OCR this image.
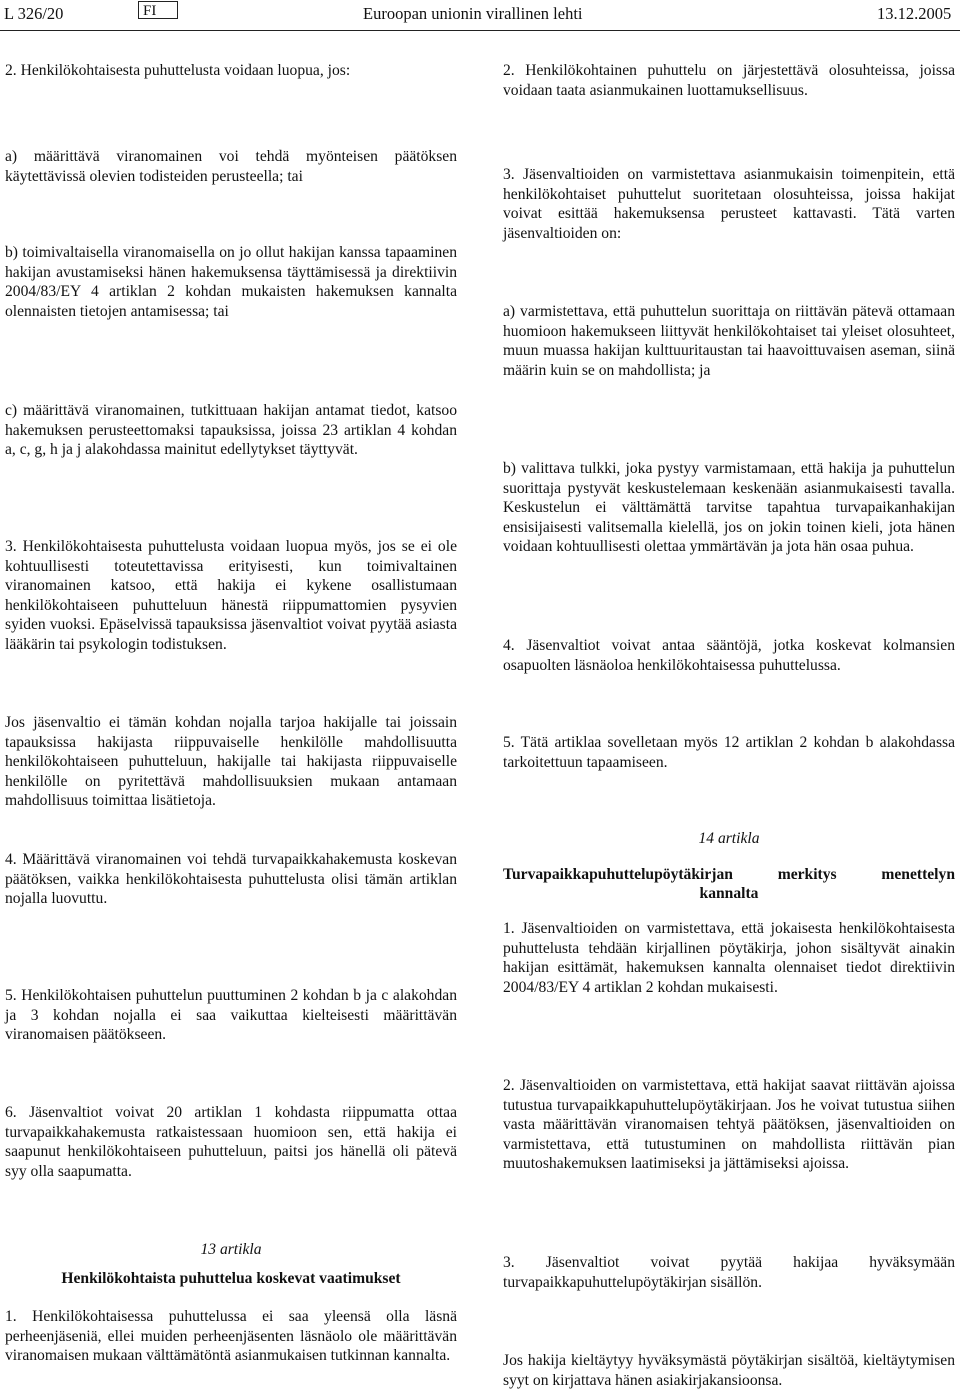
L 326/20	FI	Euroopan unionin virallinen lehti	13.12.2005

2. Henkilökohtaisesta puhuttelusta voidaan luopua, jos:

a) määrittävä viranomainen voi tehdä myönteisen päätöksen käytettävissä olevien todisteiden perusteella; tai

b) toimivaltaisella viranomaisella on jo ollut hakijan kanssa tapaaminen hakijan avustamiseksi hänen hakemuksensa täyttämisessä ja direktiivin 2004/83/EY 4 artiklan 2 kohdan mukaisten hakemuksen kannalta olennaisten tietojen antamisessa; tai

c) määrittävä viranomainen, tutkittuaan hakijan antamat tiedot, katsoo hakemuksen perusteettomaksi tapauksissa, joissa 23 artiklan 4 kohdan a, c, g, h ja j alakohdassa mainitut edellytykset täyttyvät.

3. Henkilökohtaisesta puhuttelusta voidaan luopua myös, jos se ei ole kohtuullisesti toteutettavissa erityisesti, kun toimivaltainen viranomainen katsoo, että hakija ei kykene osallistumaan henkilökohtaiseen puhutteluun hänestä riippumattomien pysyvien syiden vuoksi. Epäselvissä tapauksissa jäsenvaltiot voivat pyytää asiasta lääkärin tai psykologin todistuksen.

Jos jäsenvaltio ei tämän kohdan nojalla tarjoa hakijalle tai joissain tapauksissa hakijasta riippuvaiselle henkilölle mahdollisuutta henkilökohtaiseen puhutteluun, hakijalle tai hakijasta riippuvaiselle henkilölle on pyritettävä mahdollisuuksien mukaan antamaan mahdollisuus toimittaa lisätietoja.

4. Määrittävä viranomainen voi tehdä turvapaikkahakemusta koskevan päätöksen, vaikka henkilökohtaisesta puhuttelusta olisi tämän artiklan nojalla luovuttu.

5. Henkilökohtaisen puhuttelun puuttuminen 2 kohdan b ja c alakohdan ja 3 kohdan nojalla ei saa vaikuttaa kielteisesti määrittävän viranomaisen päätökseen.

6. Jäsenvaltiot voivat 20 artiklan 1 kohdasta riippumatta ottaa turvapaikkahakemusta ratkaistessaan huomioon sen, että hakija ei saapunut henkilökohtaiseen puhutteluun, paitsi jos hänellä oli pätevä syy olla saapumatta.

13 artikla

Henkilökohtaista puhuttelua koskevat vaatimukset

1. Henkilökohtaisessa puhuttelussa ei saa yleensä olla läsnä perheenjäseniä, elleі muiden perheenjäsenten läsnäolo ole määrittävän viranomaisen mukaan välttämätöntä asianmukaisen tutkinnan kannalta.

2. Henkilökohtainen puhuttelu on järjestettävä olosuhteissa, joissa voidaan taata asianmukainen luottamuksellisuus.

3. Jäsenvaltioiden on varmistettava asianmukaisin toimenpitein, että henkilökohtaiset puhuttelut suoritetaan olosuhteissa, joissa hakijat voivat esittää hakemuksensa perusteet kattavasti. Tätä varten jäsenvaltioiden on:

a) varmistettava, että puhuttelun suorittaja on riittävän pätevä ottamaan huomioon hakemukseen liittyvät henkilökohtaiset tai yleiset olosuhteet, muun muassa hakijan kulttuuritaustan tai haavoittuvaisen aseman, siinä määrin kuin se on mahdollista; ja

b) valittava tulkki, joka pystyy varmistamaan, että hakija ja puhuttelun suorittaja pystyvät keskustelemaan keskenään asianmukaisesti tavalla. Keskustelun ei välttämättä tarvitse tapahtua turvapaikanhakijan ensisijaisesti valitsemalla kielellä, jos on jokin toinen kieli, jota hänen voidaan kohtuullisesti olettaa ymmärtävän ja jota hän osaa puhua.

4. Jäsenvaltiot voivat antaa sääntöjä, jotka koskevat kolmansien osapuolten läsnäoloa henkilökohtaisessa puhuttelussa.

5. Tätä artiklaa sovelletaan myös 12 artiklan 2 kohdan b alakohdassa tarkoitettuun tapaamiseen.

14 artikla

Turvapaikkapuhuttelupöytäkirjan merkitys menettelyn
kannalta

1. Jäsenvaltioiden on varmistettava, että jokaisesta henkilökohtaisesta puhuttelusta tehdään kirjallinen pöytäkirja, johon sisältyvät ainakin hakijan esittämät, hakemuksen kannalta olennaiset tiedot direktiivin 2004/83/EY 4 artiklan 2 kohdan mukaisesti.

2. Jäsenvaltioiden on varmistettava, että hakijat saavat riittävän ajoissa tutustua turvapaikkapuhuttelupöytäkirjaan. Jos he voivat tutustua siihen vasta määrittävän viranomaisen tehtyä päätöksen, jäsenvaltioiden on varmistettava, että tutustuminen on mahdollista riittävän pian muutoshakemuksen laatimiseksi ja jättämiseksi ajoissa.

3. Jäsenvaltiot voivat pyytää hakijaa hyväksymään turvapaikkapuhuttelupöytäkirjan sisällön.

Jos hakija kieltäytyy hyväksymästä pöytäkirjan sisältöä, kieltäytymisen syyt on kirjattava hänen asiakirjakansioonsa.
